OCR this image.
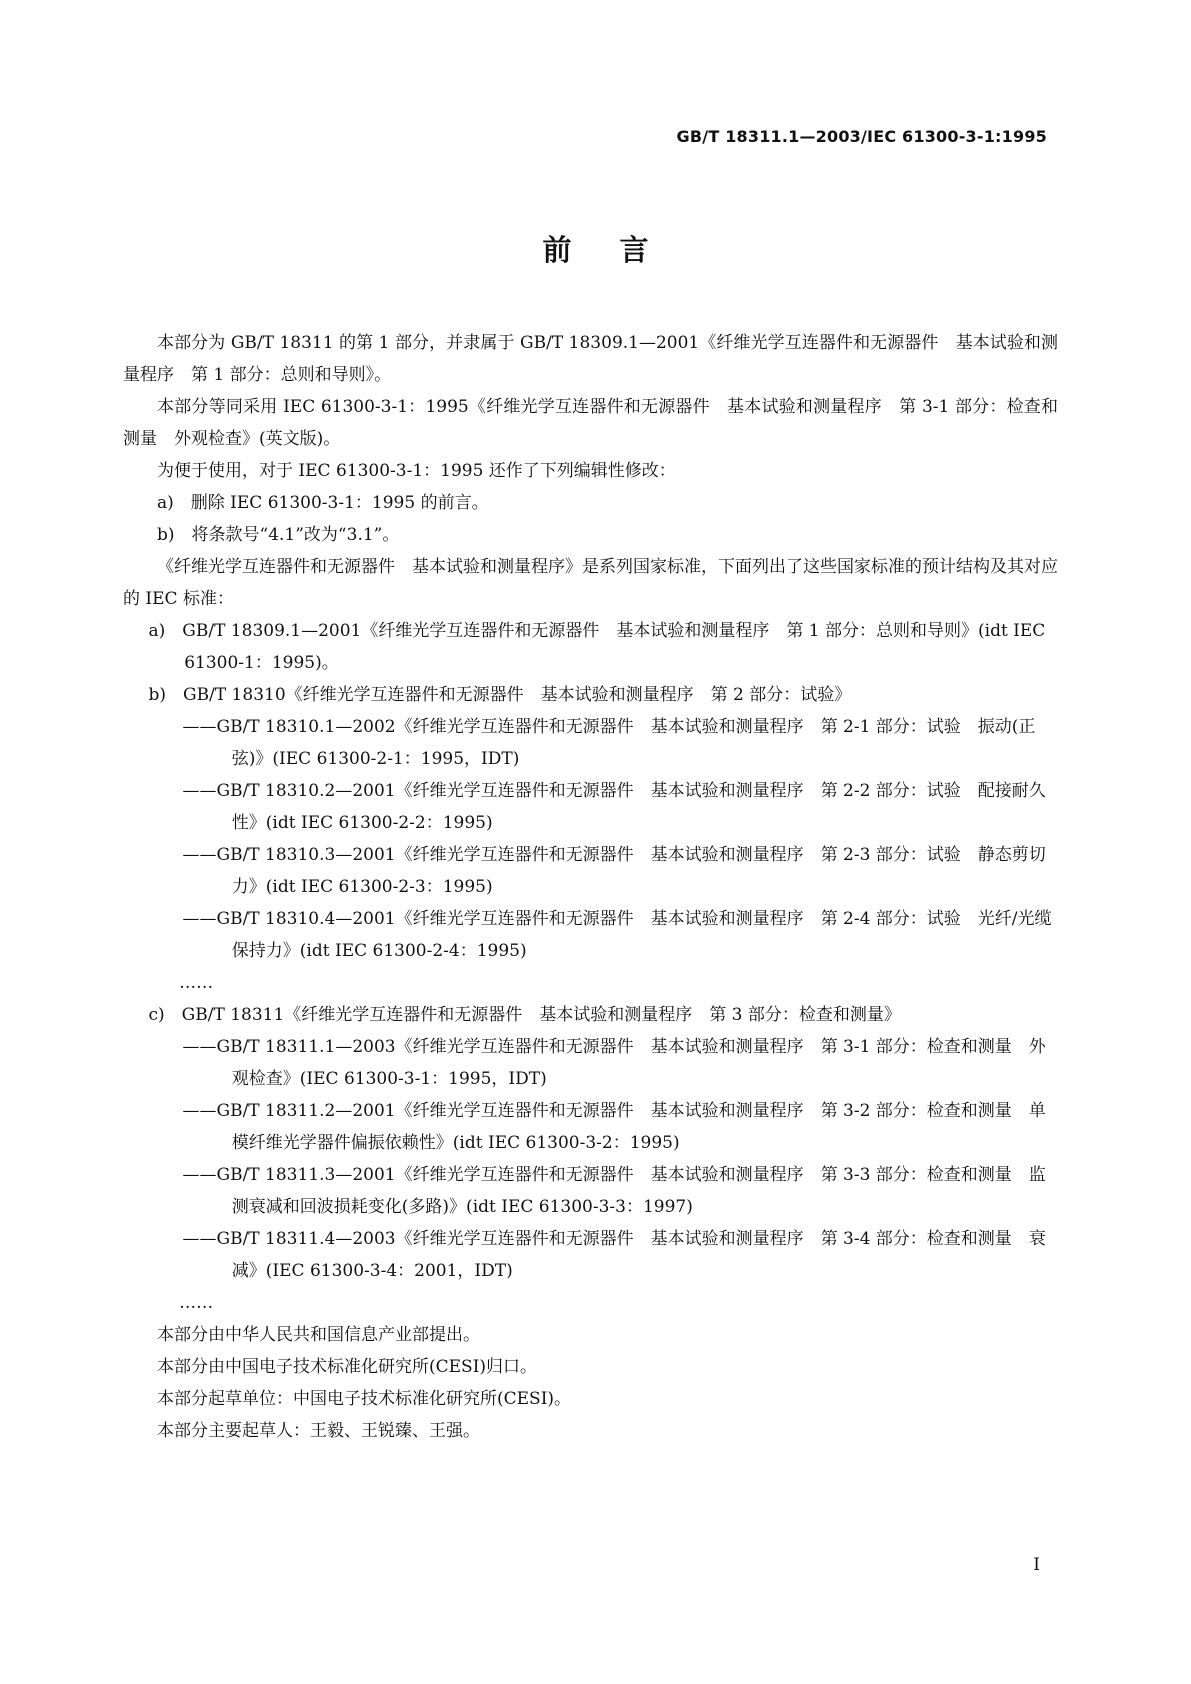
GB/T 18311.1—2003/IEC 61300-3-1:1995
前言

本部分为 GB/T 18311 的第 1 部分，并隶属于 GB/T 18309.1—2001《纤维光学互连器件和无源器件　基本试验和测量程序　第 1 部分：总则和导则》。

本部分等同采用 IEC 61300-3-1：1995《纤维光学互连器件和无源器件　基本试验和测量程序　第 3-1 部分：检查和测量　外观检查》(英文版)。

为便于使用，对于 IEC 61300-3-1：1995 还作了下列编辑性修改：

a)　删除 IEC 61300-3-1：1995 的前言。

b)　将条款号“4.1”改为“3.1”。

《纤维光学互连器件和无源器件　基本试验和测量程序》是系列国家标准，下面列出了这些国家标准的预计结构及其对应的 IEC 标准：

a)　GB/T 18309.1—2001《纤维光学互连器件和无源器件　基本试验和测量程序　第 1 部分：总则和导则》(idt IEC 61300-1：1995)。

b)　GB/T 18310《纤维光学互连器件和无源器件　基本试验和测量程序　第 2 部分：试验》

——GB/T 18310.1—2002《纤维光学互连器件和无源器件　基本试验和测量程序　第 2-1 部分：试验　振动(正弦)》(IEC 61300-2-1：1995，IDT)

——GB/T 18310.2—2001《纤维光学互连器件和无源器件　基本试验和测量程序　第 2-2 部分：试验　配接耐久性》(idt IEC 61300-2-2：1995)

——GB/T 18310.3—2001《纤维光学互连器件和无源器件　基本试验和测量程序　第 2-3 部分：试验　静态剪切力》(idt IEC 61300-2-3：1995)

——GB/T 18310.4—2001《纤维光学互连器件和无源器件　基本试验和测量程序　第 2-4 部分：试验　光纤/光缆保持力》(idt IEC 61300-2-4：1995)

……

c)　GB/T 18311《纤维光学互连器件和无源器件　基本试验和测量程序　第 3 部分：检查和测量》

——GB/T 18311.1—2003《纤维光学互连器件和无源器件　基本试验和测量程序　第 3-1 部分：检查和测量　外观检查》(IEC 61300-3-1：1995，IDT)

——GB/T 18311.2—2001《纤维光学互连器件和无源器件　基本试验和测量程序　第 3-2 部分：检查和测量　单模纤维光学器件偏振依赖性》(idt IEC 61300-3-2：1995)

——GB/T 18311.3—2001《纤维光学互连器件和无源器件　基本试验和测量程序　第 3-3 部分：检查和测量　监测衰减和回波损耗变化(多路)》(idt IEC 61300-3-3：1997)

——GB/T 18311.4—2003《纤维光学互连器件和无源器件　基本试验和测量程序　第 3-4 部分：检查和测量　衰减》(IEC 61300-3-4：2001，IDT)

……

本部分由中华人民共和国信息产业部提出。

本部分由中国电子技术标准化研究所(CESI)归口。

本部分起草单位：中国电子技术标准化研究所(CESI)。

本部分主要起草人：王毅、王锐臻、王强。

I
